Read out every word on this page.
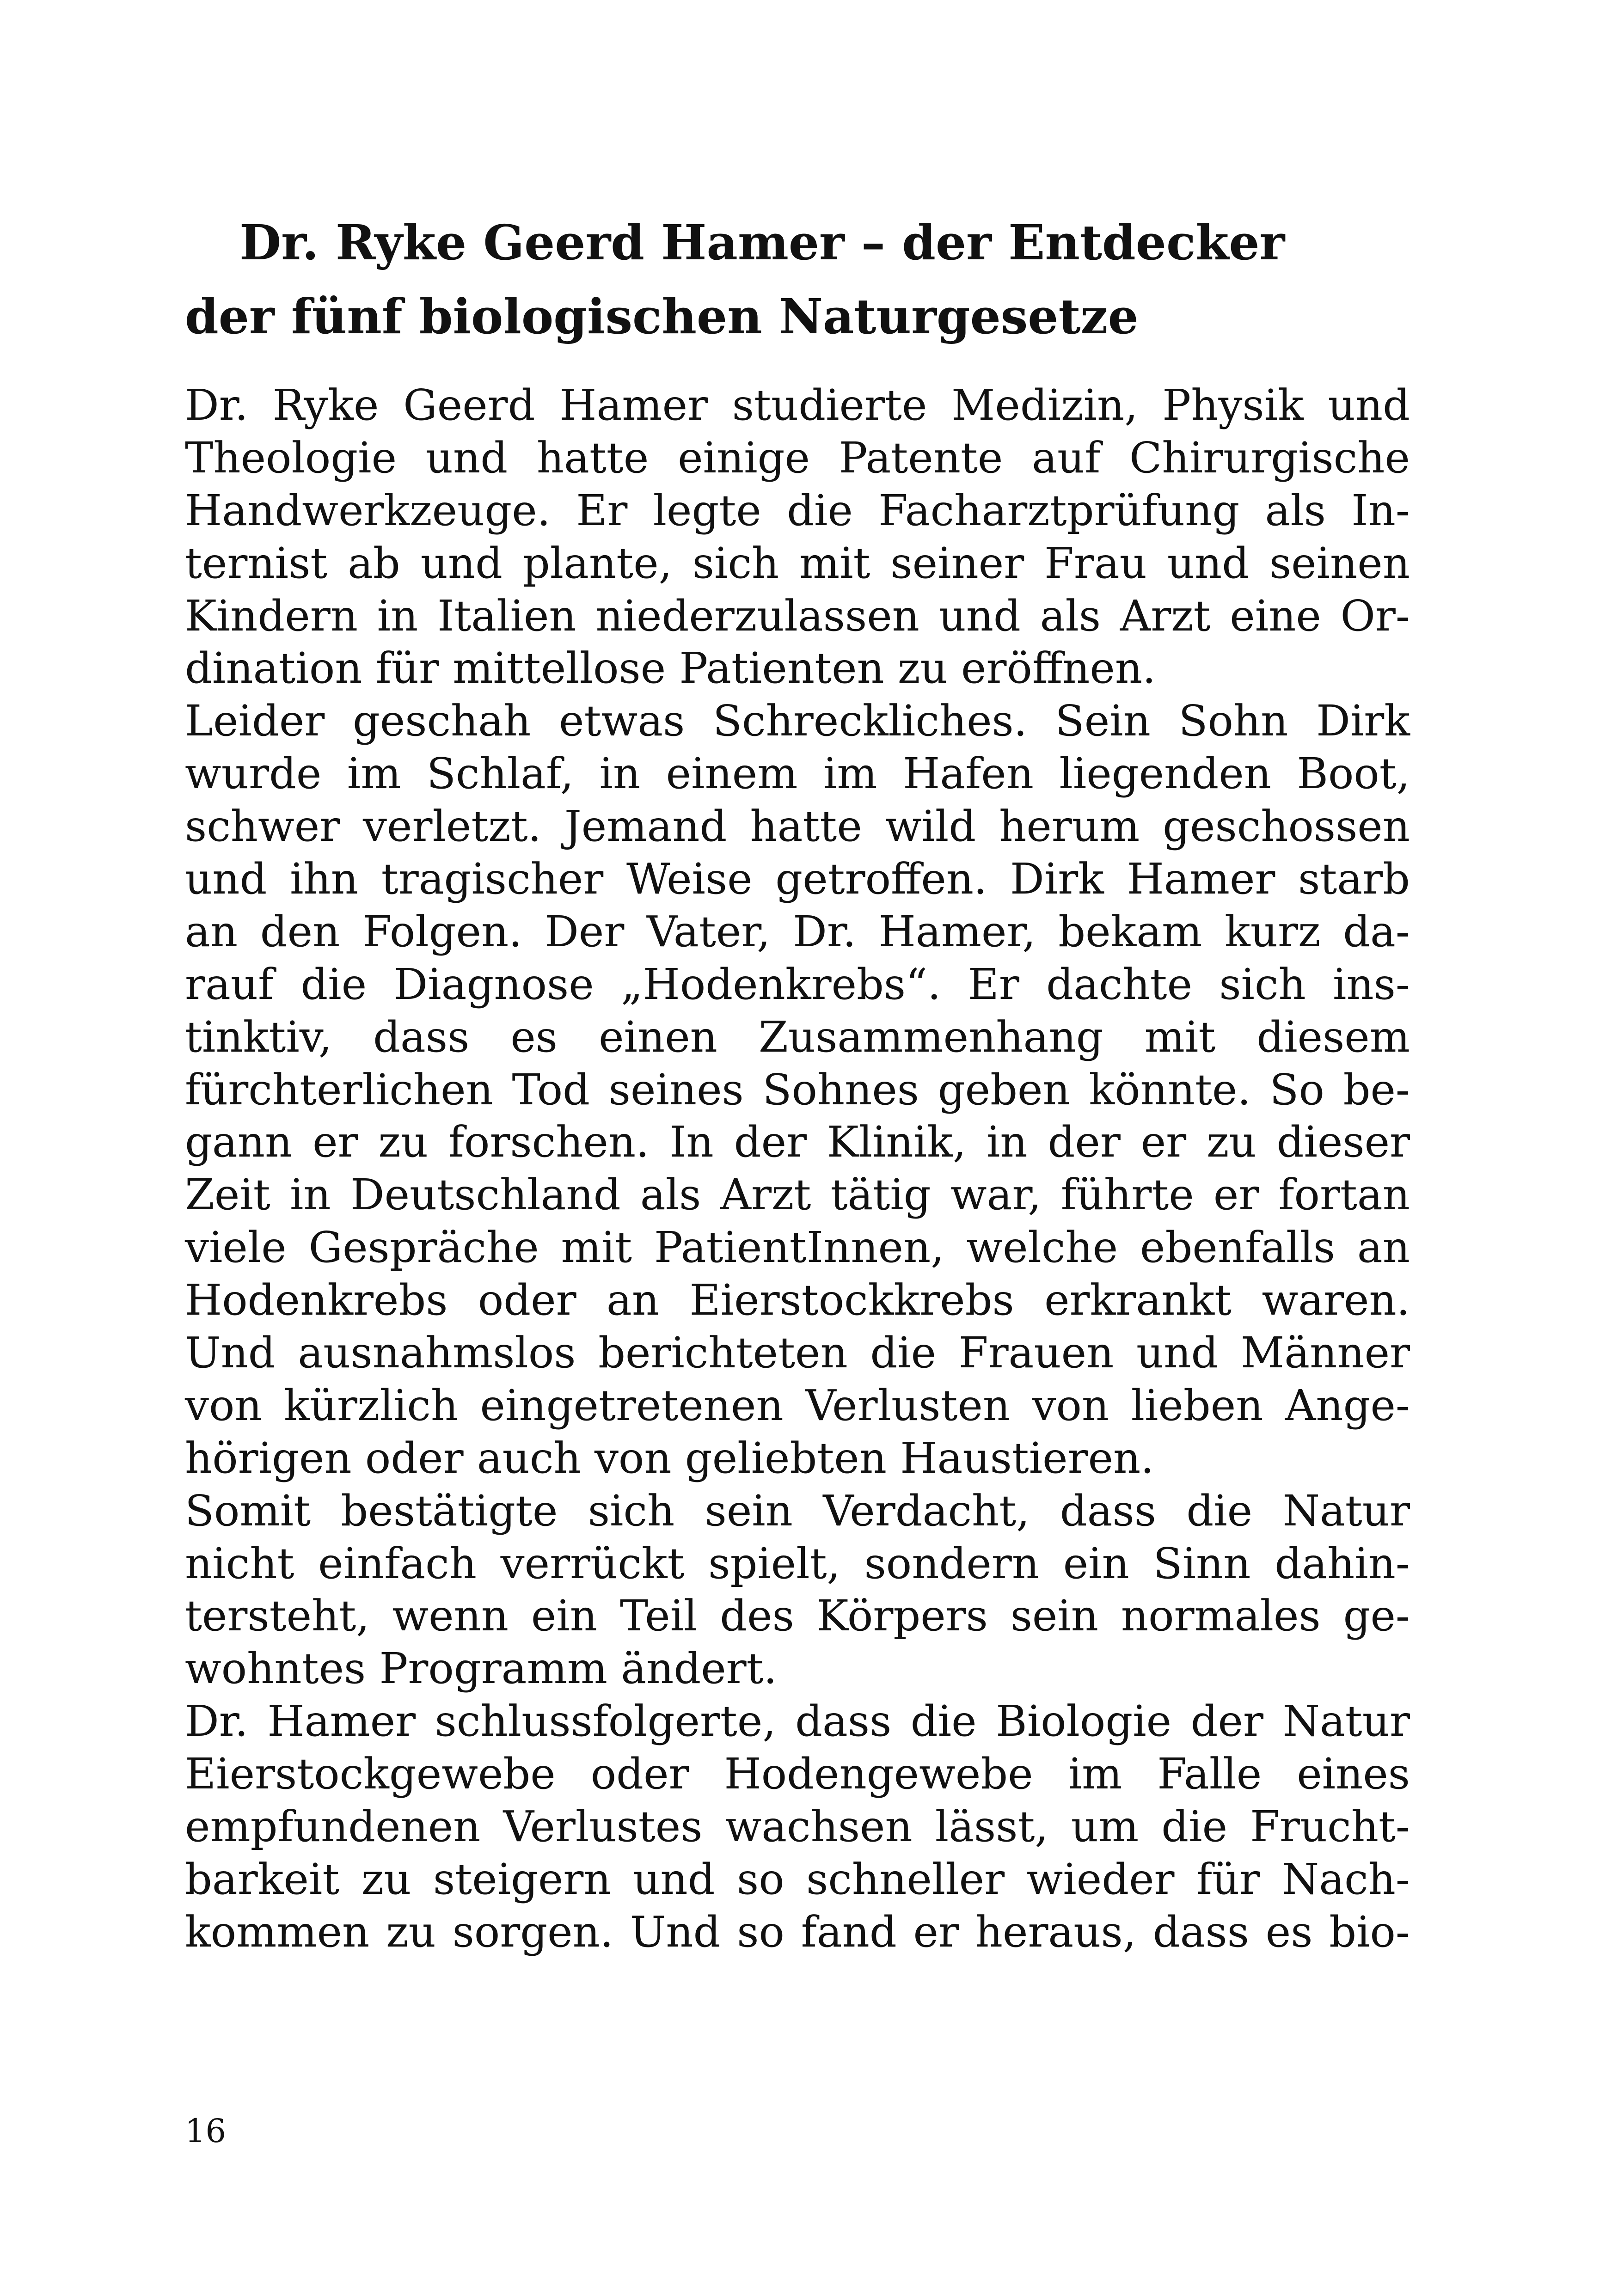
Dr. Ryke Geerd Hamer – der Entdecker
der fünf biologischen Naturgesetze
Dr. Ryke Geerd Hamer studierte Medizin, Physik und
Theologie und hatte einige Patente auf Chirurgische
Handwerkzeuge. Er legte die Facharztprüfung als In-
ternist ab und plante, sich mit seiner Frau und seinen
Kindern in Italien niederzulassen und als Arzt eine Or-
dination für mittellose Patienten zu eröffnen.
Leider geschah etwas Schreckliches. Sein Sohn Dirk
wurde im Schlaf, in einem im Hafen liegenden Boot,
schwer verletzt. Jemand hatte wild herum geschossen
und ihn tragischer Weise getroffen. Dirk Hamer starb
an den Folgen. Der Vater, Dr. Hamer, bekam kurz da-
rauf die Diagnose „Hodenkrebs“. Er dachte sich ins-
tinktiv, dass es einen Zusammenhang mit diesem
fürchterlichen Tod seines Sohnes geben könnte. So be-
gann er zu forschen. In der Klinik, in der er zu dieser
Zeit in Deutschland als Arzt tätig war, führte er fortan
viele Gespräche mit PatientInnen, welche ebenfalls an
Hodenkrebs oder an Eierstockkrebs erkrankt waren.
Und ausnahmslos berichteten die Frauen und Männer
von kürzlich eingetretenen Verlusten von lieben Ange-
hörigen oder auch von geliebten Haustieren.
Somit bestätigte sich sein Verdacht, dass die Natur
nicht einfach verrückt spielt, sondern ein Sinn dahin-
tersteht, wenn ein Teil des Körpers sein normales ge-
wohntes Programm ändert.
Dr. Hamer schlussfolgerte, dass die Biologie der Natur
Eierstockgewebe oder Hodengewebe im Falle eines
empfundenen Verlustes wachsen lässt, um die Frucht-
barkeit zu steigern und so schneller wieder für Nach-
kommen zu sorgen. Und so fand er heraus, dass es bio-
16
